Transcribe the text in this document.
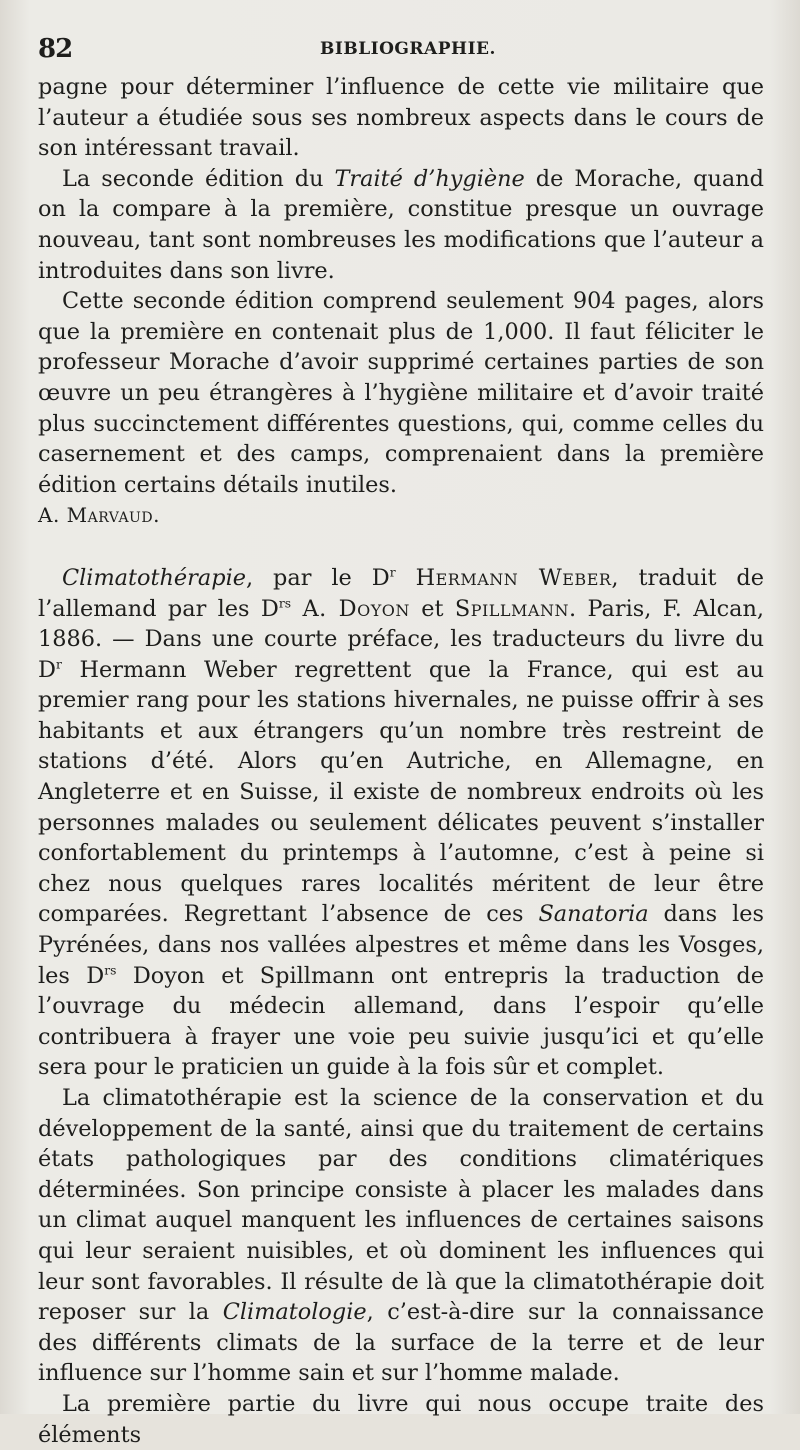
82	BIBLIOGRAPHIE.

pagne pour déterminer l’influence de cette vie militaire que l’auteur a étudiée sous ses nombreux aspects dans le cours de son intéressant travail.

La seconde édition du Traité d’hygiène de Morache, quand on la compare à la première, constitue presque un ouvrage nouveau, tant sont nombreuses les modifications que l’auteur a introduites dans son livre.

Cette seconde édition comprend seulement 904 pages, alors que la première en contenait plus de 1,000. Il faut féliciter le professeur Morache d’avoir supprimé certaines parties de son œuvre un peu étrangères à l’hygiène militaire et d’avoir traité plus succinctement différentes questions, qui, comme celles du casernement et des camps, comprenaient dans la première édition certains détails inutiles.

A. Marvaud.

Climatothérapie, par le $D^r$ Hermann Weber, traduit de l’allemand par les $D^{rs}$ A. Doyon et Spillmann. Paris, F. Alcan, 1886. — Dans une courte préface, les traducteurs du livre du $D^r$ Hermann Weber regrettent que la France, qui est au premier rang pour les stations hivernales, ne puisse offrir à ses habitants et aux étrangers qu’un nombre très restreint de stations d’été. Alors qu’en Autriche, en Allemagne, en Angleterre et en Suisse, il existe de nombreux endroits où les personnes malades ou seulement délicates peuvent s’installer confortablement du printemps à l’automne, c’est à peine si chez nous quelques rares localités méritent de leur être comparées. Regrettant l’absence de ces Sanatoria dans les Pyrénées, dans nos vallées alpestres et même dans les Vosges, les $D^{rs}$ Doyon et Spillmann ont entrepris la traduction de l’ouvrage du médecin allemand, dans l’espoir qu’elle contribuera à frayer une voie peu suivie jusqu’ici et qu’elle sera pour le praticien un guide à la fois sûr et complet.

La climatothérapie est la science de la conservation et du développement de la santé, ainsi que du traitement de certains états pathologiques par des conditions climatériques déterminées. Son principe consiste à placer les malades dans un climat auquel manquent les influences de certaines saisons qui leur seraient nuisibles, et où dominent les influences qui leur sont favorables. Il résulte de là que la climatothérapie doit reposer sur la Climatologie, c’est-à-dire sur la connaissance des différents climats de la surface de la terre et de leur influence sur l’homme sain et sur l’homme malade.

La première partie du livre qui nous occupe traite des éléments
